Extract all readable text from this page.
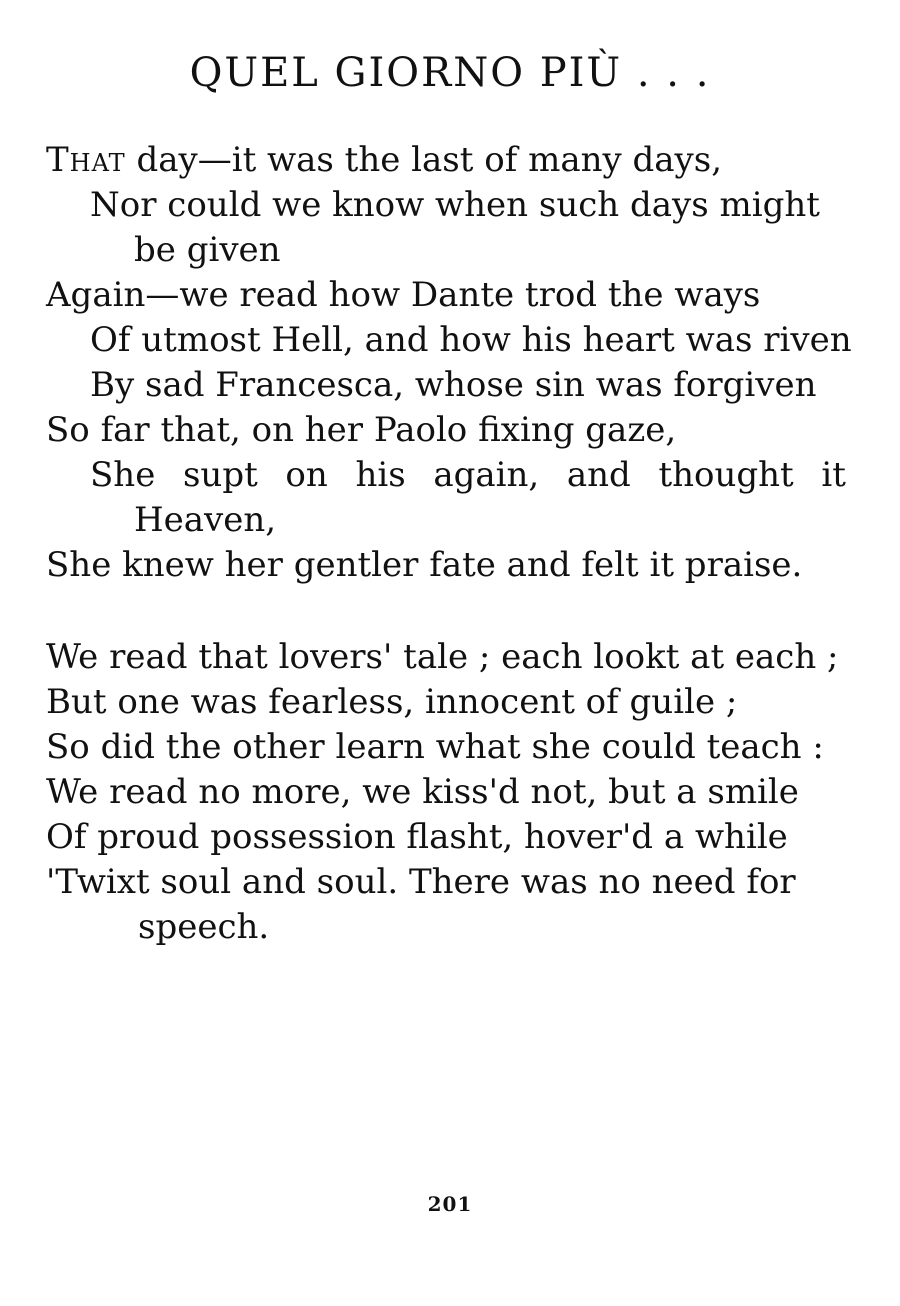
QUEL GIORNO PIÙ . . .
That day—it was the last of many days,
Nor could we know when such days might
be given
Again—we read how Dante trod the ways
Of utmost Hell, and how his heart was riven
By sad Francesca, whose sin was forgiven
So far that, on her Paolo fixing gaze,
She supt on his again, and thought it
Heaven,
She knew her gentler fate and felt it praise.
We read that lovers' tale ; each lookt at each ;
But one was fearless, innocent of guile ;
So did the other learn what she could teach :
We read no more, we kiss'd not, but a smile
Of proud possession flasht, hover'd a while
'Twixt soul and soul. There was no need for
speech.
201
